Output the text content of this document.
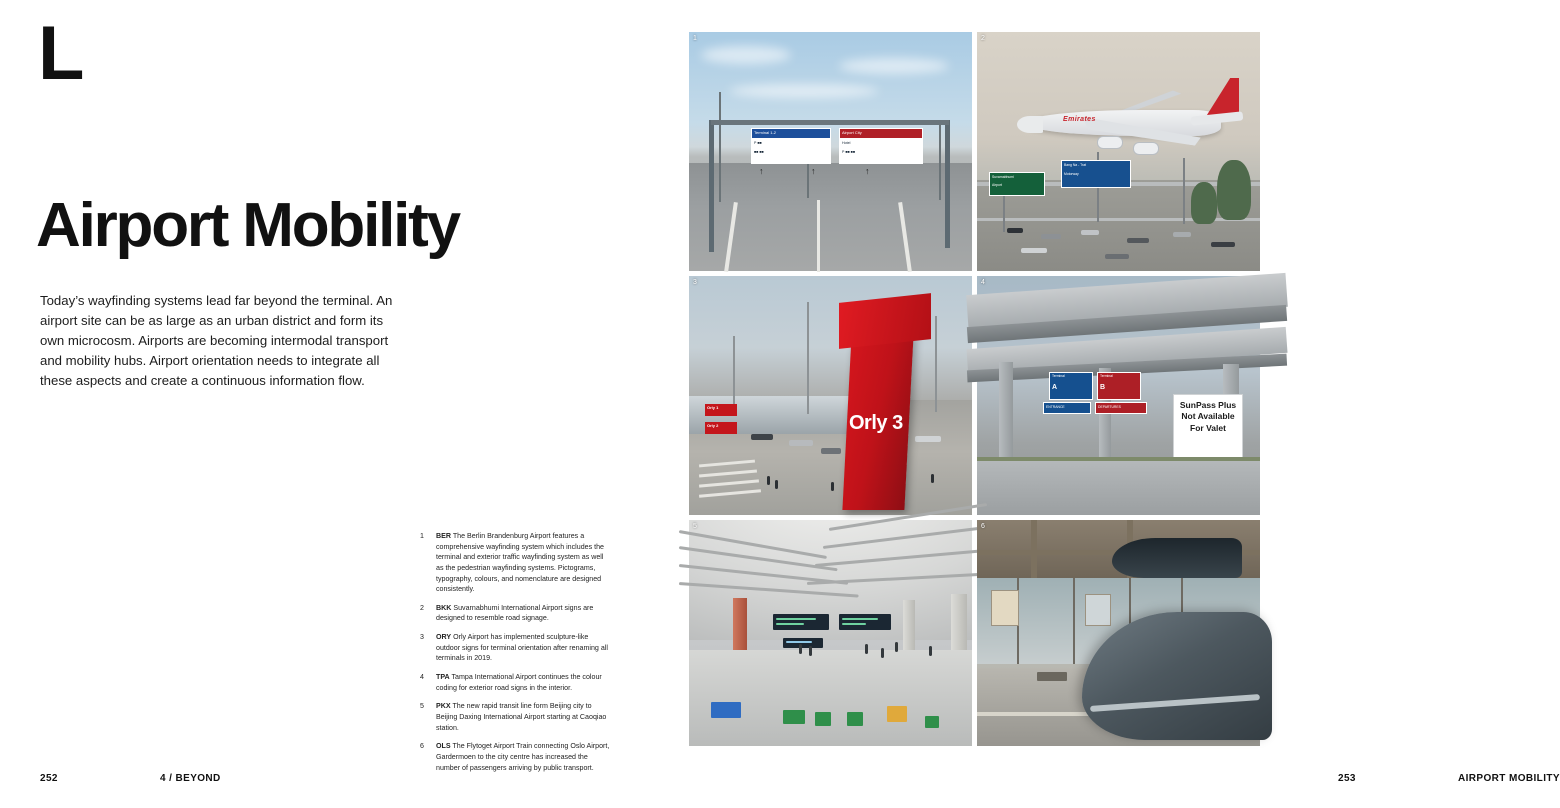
L
Airport Mobility

Today’s wayfinding systems lead far beyond the terminal. An airport site can be as large as an urban district and form its own microcosm. Airports are becoming intermodal transport and mobility hubs. Airport orientation needs to integrate all these aspects and create a continuous information flow.

1	BER The Berlin Brandenburg Airport features a comprehensive wayfinding system which includes the terminal and exterior traffic wayfinding system as well as the pedestrian wayfinding systems. Pictograms, typography, colours, and nomenclature are designed consistently.
2	BKK Suvarnabhumi International Airport signs are designed to resemble road signage.
3	ORY Orly Airport has implemented sculpture-like outdoor signs for terminal orientation after renaming all terminals in 2019.
4	TPA Tampa International Airport continues the colour coding for exterior road signs in the interior.
5	PKX The new rapid transit line form Beijing city to Beijing Daxing International Airport starting at Caoqiao station.
6	OLS The Flytoget Airport Train connecting Oslo Airport, Gardermoen to the city centre has increased the number of passengers arriving by public transport.
252	4 / BEYOND
Terminal 1-2
P ■■
■■ ■■
Airport City
Hotel
P ■■ ■■
↑	↑	↑
1
Emirates
Suvarnabhumi
Airport
Bang Na - Trat
Motorway
2
Orly 1
Orly 2	Orly 3
3
Terminal
A
Terminal
B
ENTRANCE	DEPARTURES	SunPass Plus Not Available For Valet
4
5	6
253	AIRPORT MOBILITY
